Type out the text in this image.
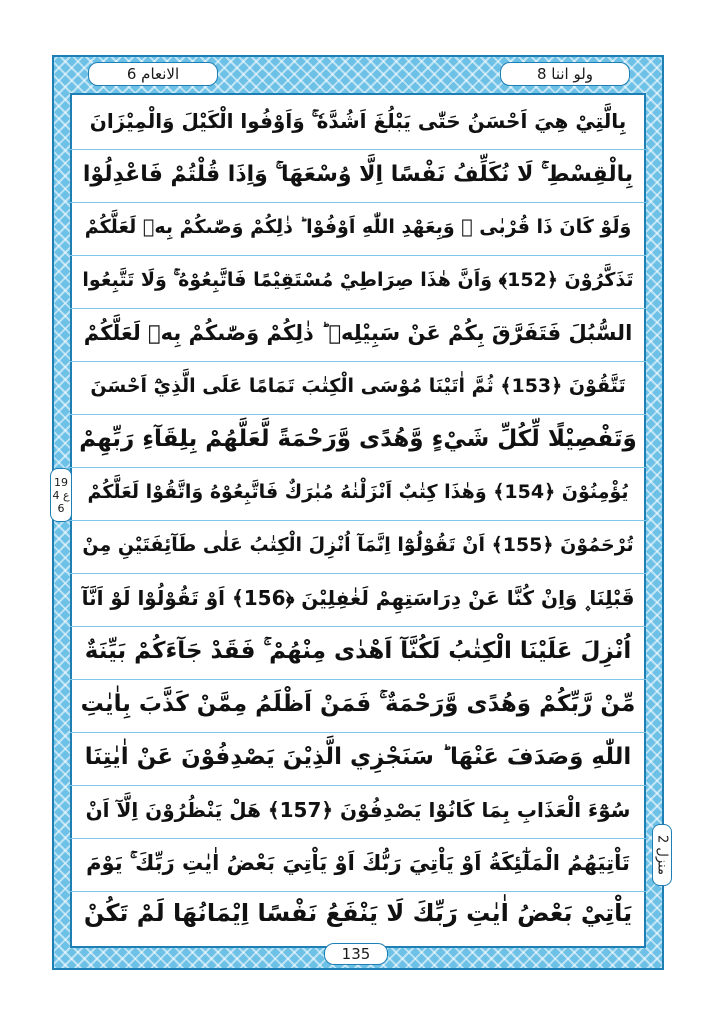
الانعام 6	ولو اننا 8
بِالَّتِيْ هِيَ اَحْسَنُ حَتّٰى يَبْلُغَ اَشُدَّهٗ ۚ وَاَوْفُوا الْكَيْلَ وَالْمِيْزَانَ
بِالْقِسْطِ ۚ لَا نُكَلِّفُ نَفْسًا اِلَّا وُسْعَهَا ۚ وَاِذَا قُلْتُمْ فَاعْدِلُوْا
وَلَوْ كَانَ ذَا قُرْبٰى ۚ وَبِعَهْدِ اللّٰهِ اَوْفُوْا ؕ ذٰلِكُمْ وَصّٰىكُمْ بِهٖ لَعَلَّكُمْ
تَذَكَّرُوْنَ ﴿152﴾ وَاَنَّ هٰذَا صِرَاطِيْ مُسْتَقِيْمًا فَاتَّبِعُوْهُ ۚ وَلَا تَتَّبِعُوا
السُّبُلَ فَتَفَرَّقَ بِكُمْ عَنْ سَبِيْلِهٖ ؕ ذٰلِكُمْ وَصّٰىكُمْ بِهٖ لَعَلَّكُمْ
تَتَّقُوْنَ ﴿153﴾ ثُمَّ اٰتَيْنَا مُوْسَى الْكِتٰبَ تَمَامًا عَلَى الَّذِيْٓ اَحْسَنَ
وَتَفْصِيْلًا لِّكُلِّ شَيْءٍ وَّهُدًى وَّرَحْمَةً لَّعَلَّهُمْ بِلِقَآءِ رَبِّهِمْ
يُؤْمِنُوْنَ ﴿154﴾ وَهٰذَا كِتٰبٌ اَنْزَلْنٰهُ مُبٰرَكٌ فَاتَّبِعُوْهُ وَاتَّقُوْا لَعَلَّكُمْ
تُرْحَمُوْنَ ﴿155﴾ اَنْ تَقُوْلُوْٓا اِنَّمَآ اُنْزِلَ الْكِتٰبُ عَلٰى طَآئِفَتَيْنِ مِنْ
قَبْلِنَا ۪ وَاِنْ كُنَّا عَنْ دِرَاسَتِهِمْ لَغٰفِلِيْنَ ﴿156﴾ اَوْ تَقُوْلُوْا لَوْ اَنَّآ
اُنْزِلَ عَلَيْنَا الْكِتٰبُ لَكُنَّآ اَهْدٰى مِنْهُمْ ۚ فَقَدْ جَآءَكُمْ بَيِّنَةٌ
مِّنْ رَّبِّكُمْ وَهُدًى وَّرَحْمَةٌ ۚ فَمَنْ اَظْلَمُ مِمَّنْ كَذَّبَ بِاٰيٰتِ
اللّٰهِ وَصَدَفَ عَنْهَا ؕ سَنَجْزِي الَّذِيْنَ يَصْدِفُوْنَ عَنْ اٰيٰتِنَا
سُوْٓءَ الْعَذَابِ بِمَا كَانُوْا يَصْدِفُوْنَ ﴿157﴾ هَلْ يَنْظُرُوْنَ اِلَّآ اَنْ
تَاْتِيَهُمُ الْمَلٰٓئِكَةُ اَوْ يَاْتِيَ رَبُّكَ اَوْ يَاْتِيَ بَعْضُ اٰيٰتِ رَبِّكَ ۚ يَوْمَ
يَاْتِيْ بَعْضُ اٰيٰتِ رَبِّكَ لَا يَنْفَعُ نَفْسًا اِيْمَانُهَا لَمْ تَكُنْ
19
ع 4
6
منزل 2
135
